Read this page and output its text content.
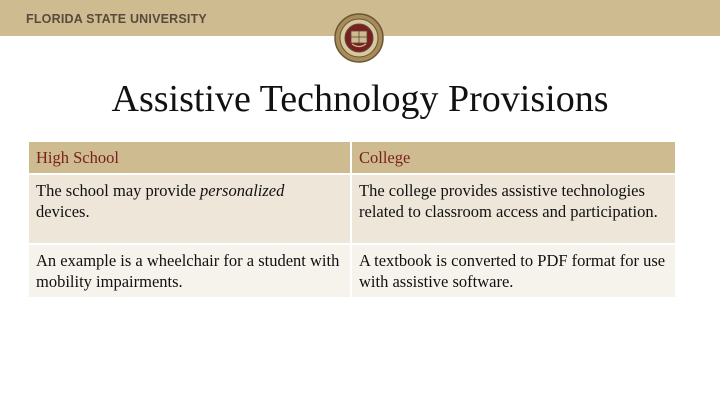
FLORIDA STATE UNIVERSITY
Assistive Technology Provisions
High School	College
The school may provide personalized devices.	The college provides assistive technologies related to classroom access and participation.
An example is a wheelchair for a student with mobility impairments.	A textbook is converted to PDF format for use with assistive software.
